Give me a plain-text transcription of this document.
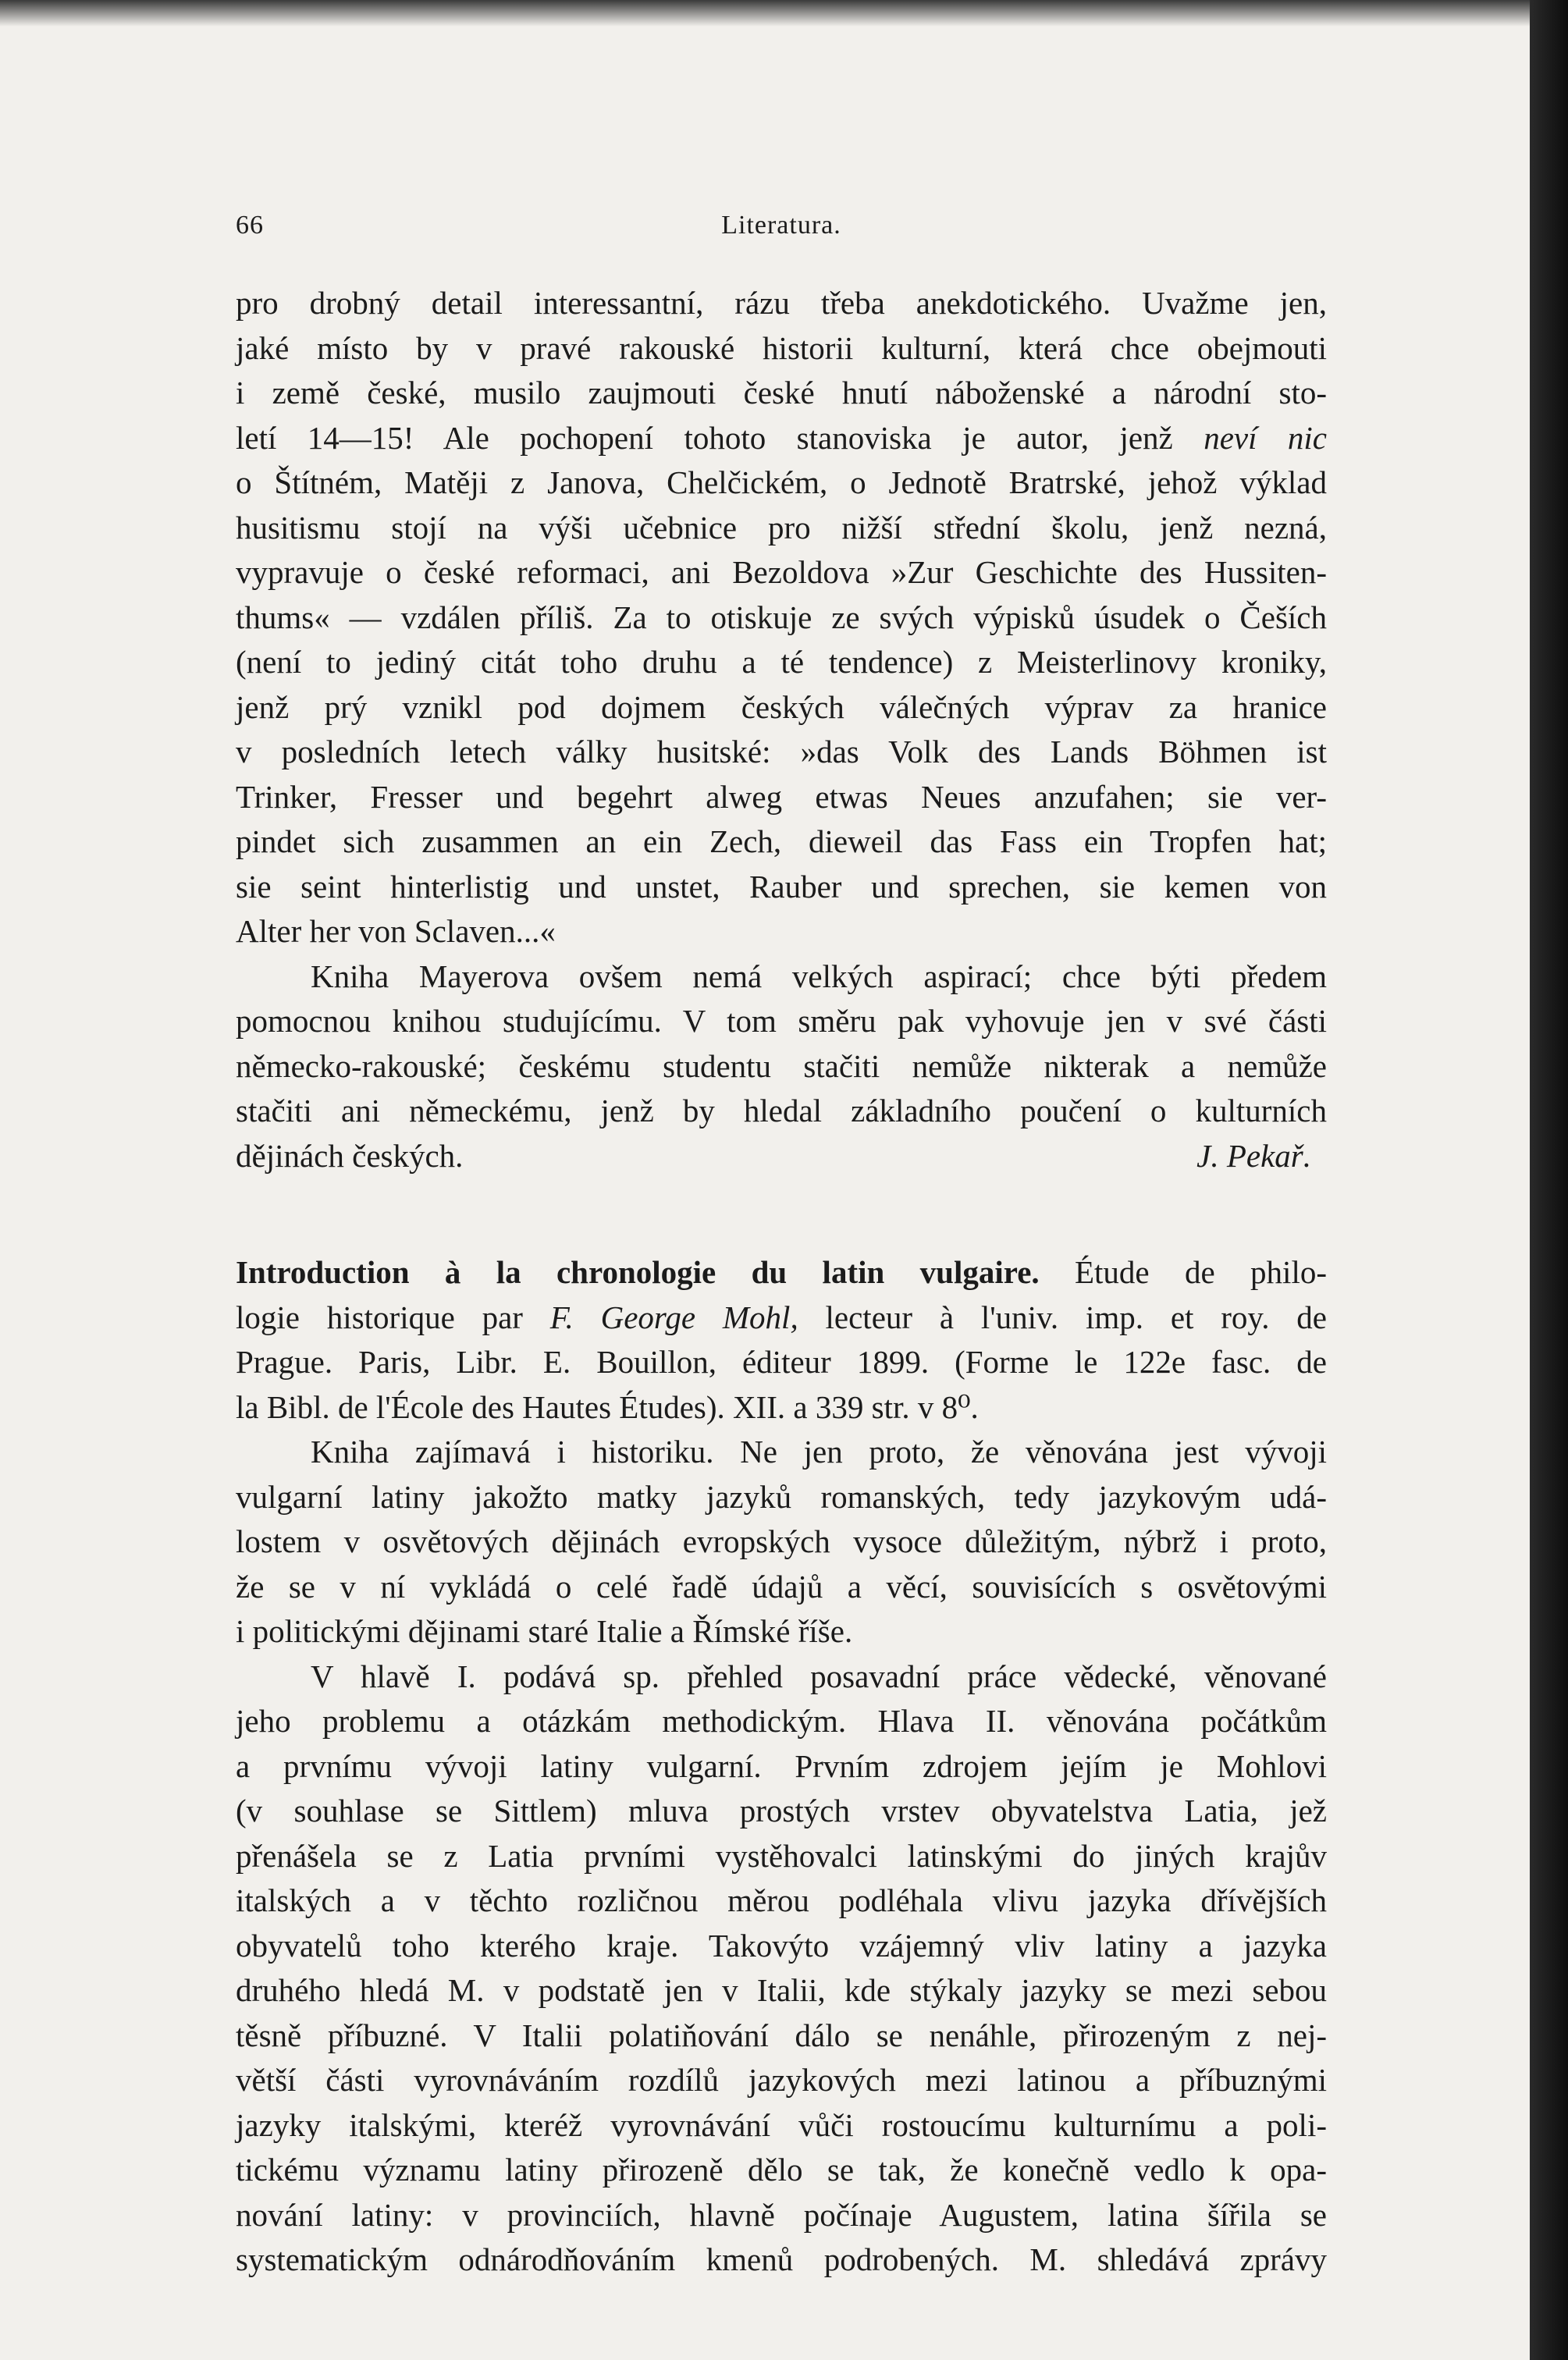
66	Literatura.
pro drobný detail interessantní, rázu třeba anekdotického. Uvažme jen,
jaké místo by v pravé rakouské historii kulturní, která chce obejmouti
i země české, musilo zaujmouti české hnutí náboženské a národní sto-
letí 14—15! Ale pochopení tohoto stanoviska je autor, jenž neví nic
o Štítném, Matěji z Janova, Chelčickém, o Jednotě Bratrské, jehož výklad
husitismu stojí na výši učebnice pro nižší střední školu, jenž nezná,
vypravuje o české reformaci, ani Bezoldova »Zur Geschichte des Hussiten-
thums« — vzdálen příliš. Za to otiskuje ze svých výpisků úsudek o Češích
(není to jediný citát toho druhu a té tendence) z Meisterlinovy kroniky,
jenž prý vznikl pod dojmem českých válečných výprav za hranice
v posledních letech války husitské: »das Volk des Lands Böhmen ist
Trinker, Fresser und begehrt alweg etwas Neues anzufahen; sie ver-
pindet sich zusammen an ein Zech, dieweil das Fass ein Tropfen hat;
sie seint hinterlistig und unstet, Rauber und sprechen, sie kemen von
Alter her von Sclaven...«
Kniha Mayerova ovšem nemá velkých aspirací; chce býti předem
pomocnou knihou studujícímu. V tom směru pak vyhovuje jen v své části
německo-rakouské; českému studentu stačiti nemůže nikterak a nemůže
stačiti ani německému, jenž by hledal základního poučení o kulturních
dějinách českých.	J. Pekař.
Introduction à la chronologie du latin vulgaire. Étude de philo-
logie historique par F. George Mohl, lecteur à l'univ. imp. et roy. de
Prague. Paris, Libr. E. Bouillon, éditeur 1899. (Forme le 122e fasc. de
la Bibl. de l'École des Hautes Études). XII. a 339 str. v 8⁰.
Kniha zajímavá i historiku. Ne jen proto, že věnována jest vývoji
vulgarní latiny jakožto matky jazyků romanských, tedy jazykovým udá-
lostem v osvětových dějinách evropských vysoce důležitým, nýbrž i proto,
že se v ní vykládá o celé řadě údajů a věcí, souvisících s osvětovými
i politickými dějinami staré Italie a Římské říše.
V hlavě I. podává sp. přehled posavadní práce vědecké, věnované
jeho problemu a otázkám methodickým. Hlava II. věnována počátkům
a prvnímu vývoji latiny vulgarní. Prvním zdrojem jejím je Mohlovi
(v souhlase se Sittlem) mluva prostých vrstev obyvatelstva Latia, jež
přenášela se z Latia prvními vystěhovalci latinskými do jiných krajův
italských a v těchto rozličnou měrou podléhala vlivu jazyka dřívějších
obyvatelů toho kterého kraje. Takovýto vzájemný vliv latiny a jazyka
druhého hledá M. v podstatě jen v Italii, kde stýkaly jazyky se mezi sebou
těsně příbuzné. V Italii polatiňování dálo se nenáhle, přirozeným z nej-
větší části vyrovnáváním rozdílů jazykových mezi latinou a příbuznými
jazyky italskými, kteréž vyrovnávání vůči rostoucímu kulturnímu a poli-
tickému významu latiny přirozeně dělo se tak, že konečně vedlo k opa-
nování latiny: v provinciích, hlavně počínaje Augustem, latina šířila se
systematickým odnárodňováním kmenů podrobených. M. shledává zprávy
